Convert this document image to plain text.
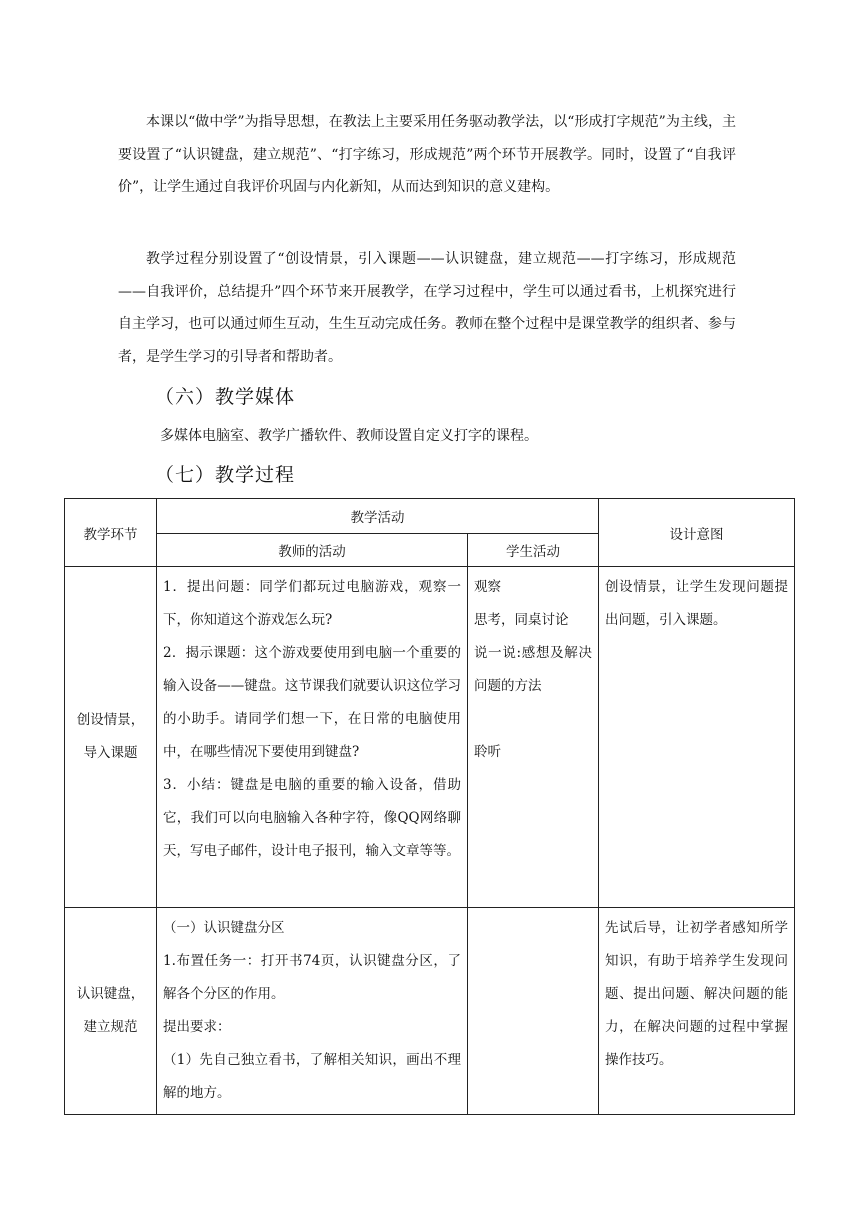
本课以“做中学”为指导思想，在教法上主要采用任务驱动教学法，以“形成打字规范”为主线，主要设置了“认识键盘，建立规范”、“打字练习，形成规范”两个环节开展教学。同时，设置了“自我评价”，让学生通过自我评价巩固与内化新知，从而达到知识的意义建构。

教学过程分别设置了“创设情景，引入课题——认识键盘，建立规范——打字练习，形成规范——自我评价，总结提升”四个环节来开展教学，在学习过程中，学生可以通过看书，上机探究进行自主学习，也可以通过师生互动，生生互动完成任务。教师在整个过程中是课堂教学的组织者、参与者，是学生学习的引导者和帮助者。

（六）教学媒体

多媒体电脑室、教学广播软件、教师设置自定义打字的课程。

（七）教学过程
教学环节	教学活动		设计意图
	教师的活动	学生活动	

创设情景，
导入课题	1．提出问题：同学们都玩过电脑游戏，观察一下，你知道这个游戏怎么玩?
2．揭示课题：这个游戏要使用到电脑一个重要的输入设备——键盘。这节课我们就要认识这位学习的小助手。请同学们想一下，在日常的电脑使用中，在哪些情况下要使用到键盘?
3．小结：键盘是电脑的重要的输入设备，借助它，我们可以向电脑输入各种字符，像QQ网络聊天，写电子邮件，设计电子报刊，输入文章等等。	观察
思考，同桌讨论
说一说:感想及解决问题的方法
聆听	创设情景，让学生发现问题提出问题，引入课题。

认识键盘，
建立规范	（一）认识键盘分区
1.布置任务一：打开书74页，认识键盘分区，了解各个分区的作用。
提出要求：
（1）先自己独立看书，了解相关知识，画出不理解的地方。		先试后导，让初学者感知所学知识，有助于培养学生发现问题、提出问题、解决问题的能力，在解决问题的过程中掌握操作技巧。
